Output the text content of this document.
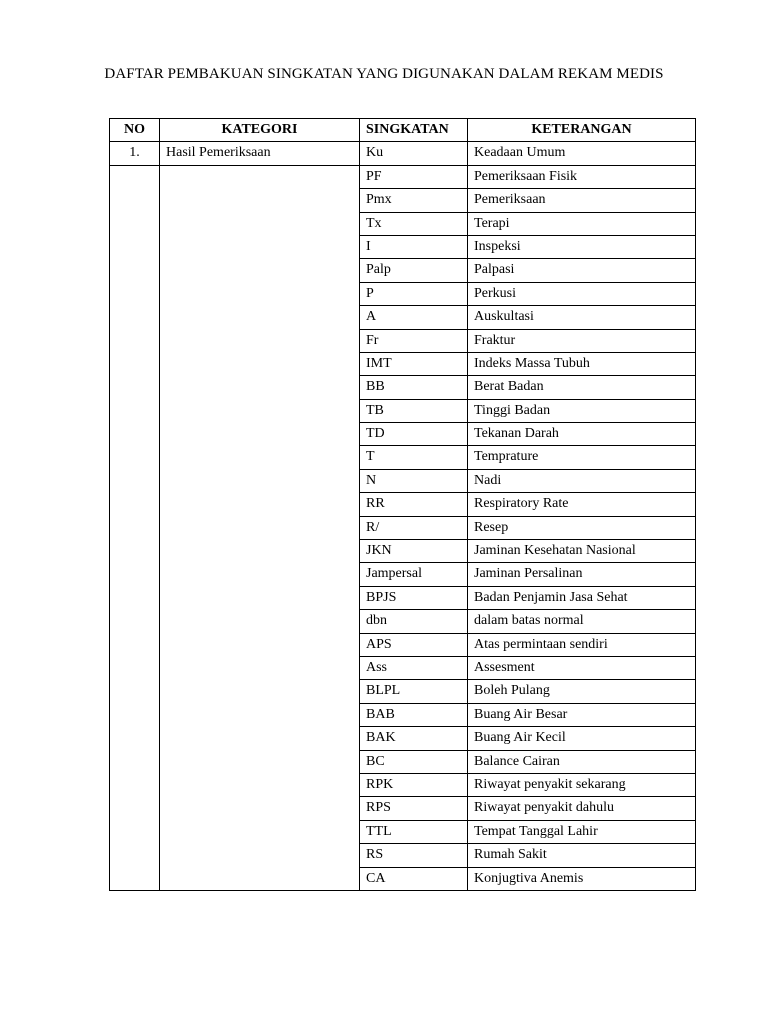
DAFTAR PEMBAKUAN SINGKATAN YANG DIGUNAKAN DALAM REKAM MEDIS
NO	KATEGORI	SINGKATAN	KETERANGAN
1.	Hasil Pemeriksaan	Ku	Keadaan Umum
		PF	Pemeriksaan Fisik
		Pmx	Pemeriksaan
		Tx	Terapi
		I	Inspeksi
		Palp	Palpasi
		P	Perkusi
		A	Auskultasi
		Fr	Fraktur
		IMT	Indeks Massa Tubuh
		BB	Berat Badan
		TB	Tinggi Badan
		TD	Tekanan Darah
		T	Temprature
		N	Nadi
		RR	Respiratory Rate
		R/	Resep
		JKN	Jaminan Kesehatan Nasional
		Jampersal	Jaminan Persalinan
		BPJS	Badan Penjamin Jasa Sehat
		dbn	dalam batas normal
		APS	Atas permintaan sendiri
		Ass	Assesment
		BLPL	Boleh Pulang
		BAB	Buang Air Besar
		BAK	Buang Air Kecil
		BC	Balance Cairan
		RPK	Riwayat penyakit sekarang
		RPS	Riwayat penyakit dahulu
		TTL	Tempat Tanggal Lahir
		RS	Rumah Sakit
		CA	Konjugtiva Anemis
